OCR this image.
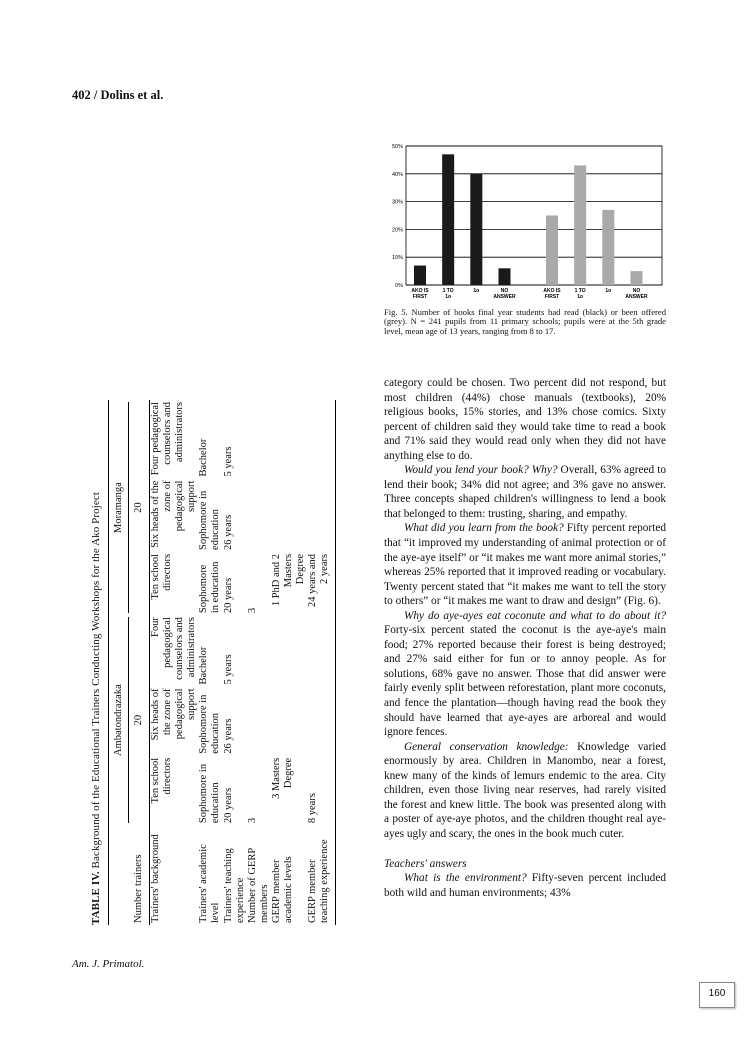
402 / Dolins et al.
TABLE IV. Background of the Educational Trainers Conducting Workshops for the Ako Project

	Ambatondrazaka			Moramanga		

Number trainers	20			20		
Trainers' background	Ten school directors	Six heads of the zone of pedagogical support	Four pedagogical counselors and administrators	Ten school directors	Six heads of the zone of pedagogical support	Four pedagogical counselors and administrators
Trainers' academic level	Sophomore in education	Sophomore in education	Bachelor	Sophomore in education	Sophomore in education	Bachelor
Trainers' teaching experience	20 years	26 years	5 years	20 years	26 years	5 years
Number of GERP members	3			3		
GERP member academic levels	3 Masters Degree			1 PhD and 2 Masters Degree		
GERP member teaching experience	8 years			24 years and 2 years		
0%
10%
20%
30%
40%
50%
AKO IS
FIRST
1 TO
1o
1o	NO
ANSWER
AKO IS
FIRST
1 TO
1o
1o	NO
ANSWER
Fig. 5. Number of books final year students had read (black) or been offered (grey). N = 241 pupils from 11 primary schools; pupils were at the 5th grade level, mean age of 13 years, ranging from 8 to 17.

category could be chosen. Two percent did not respond, but most children (44%) chose manuals (textbooks), 20% religious books, 15% stories, and 13% chose comics. Sixty percent of children said they would take time to read a book and 71% said they would read only when they did not have anything else to do.

Would you lend your book? Why? Overall, 63% agreed to lend their book; 34% did not agree; and 3% gave no answer. Three concepts shaped children's willingness to lend a book that belonged to them: trusting, sharing, and empathy.

What did you learn from the book? Fifty percent reported that “it improved my understanding of animal protection or of the aye-aye itself” or “it makes me want more animal stories,” whereas 25% reported that it improved reading or vocabulary. Twenty percent stated that “it makes me want to tell the story to others” or “it makes me want to draw and design” (Fig. 6).

Why do aye-ayes eat coconute and what to do about it? Forty-six percent stated the coconut is the aye-aye's main food; 27% reported because their forest is being destroyed; and 27% said either for fun or to annoy people. As for solutions, 68% gave no answer. Those that did answer were fairly evenly split between reforestation, plant more coconuts, and fence the plantation—though having read the book they should have learned that aye-ayes are arboreal and would ignore fences.

General conservation knowledge: Knowledge varied enormously by area. Children in Manombo, near a forest, knew many of the kinds of lemurs endemic to the area. City children, even those living near reserves, had rarely visited the forest and knew little. The book was presented along with a poster of aye-aye photos, and the children thought real aye-ayes ugly and scary, the ones in the book much cuter.

Teachers' answers

What is the environment? Fifty-seven percent included both wild and human environments; 43%

Am. J. Primatol.
160
